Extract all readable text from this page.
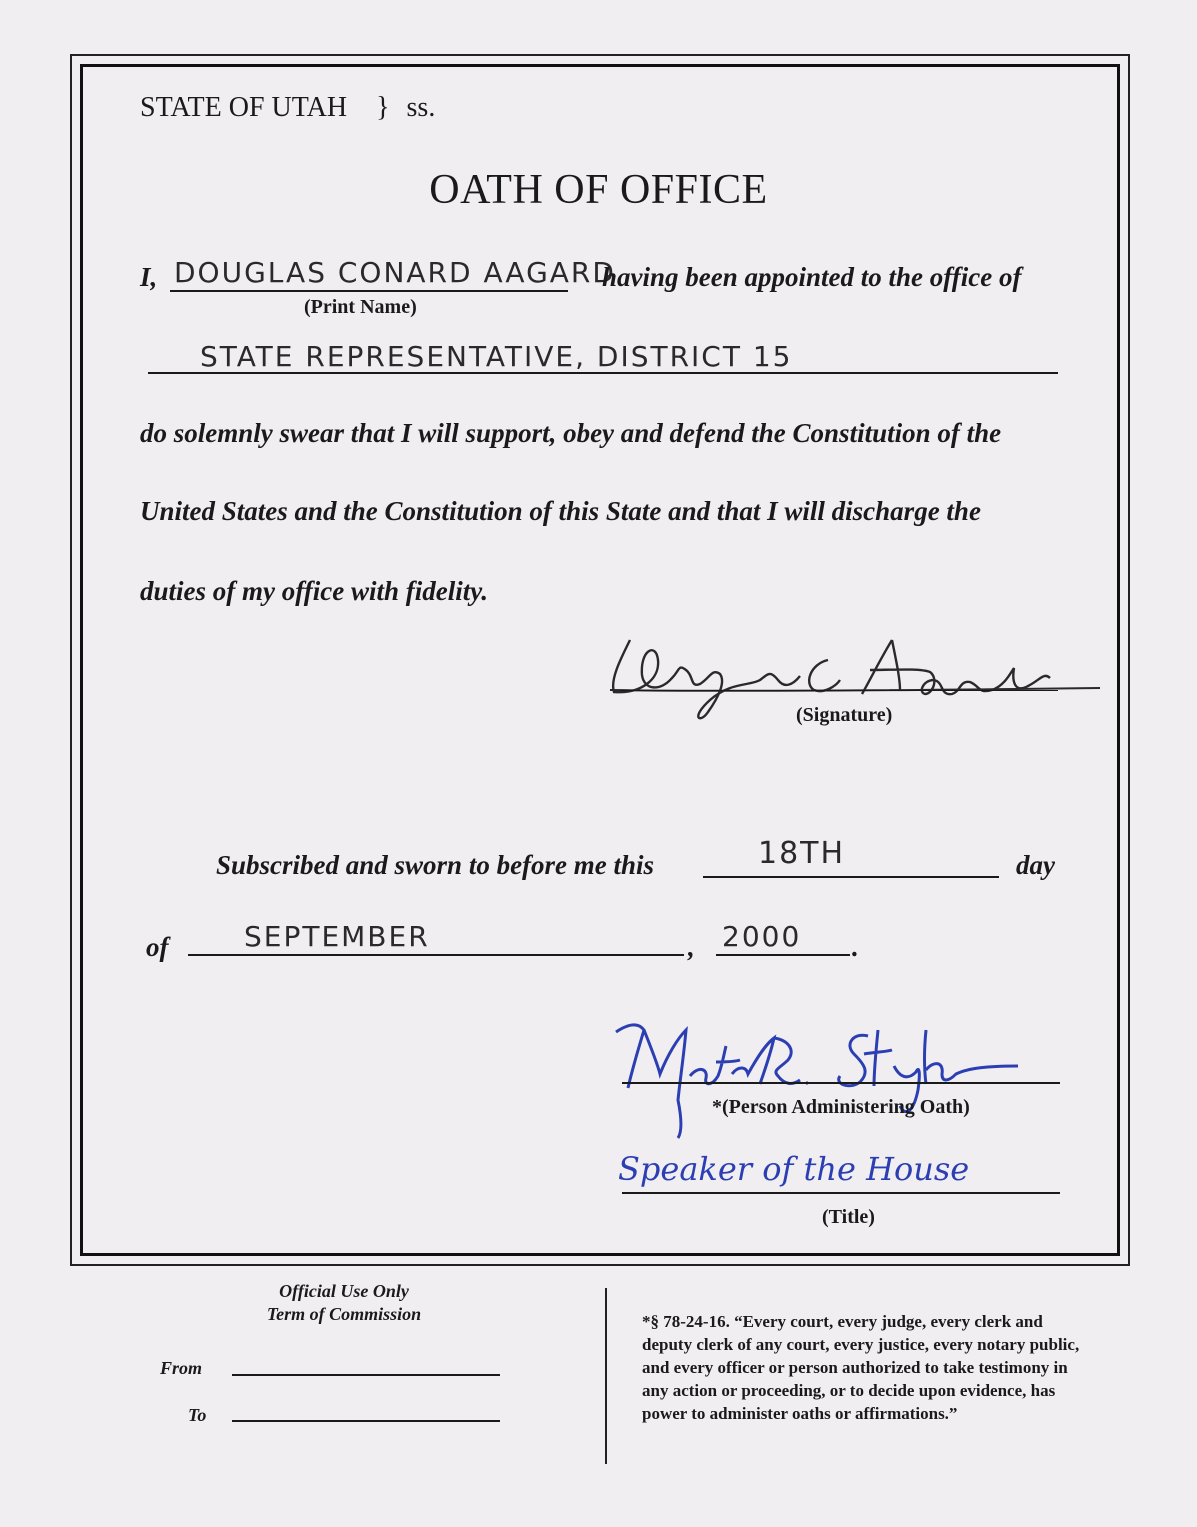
STATE OF UTAH } ss.
OATH OF OFFICE
I, DOUGLAS CONARD AAGARD
having been appointed to the office of
(Print Name)
STATE REPRESENTATIVE, DISTRICT 15
do solemnly swear that I will support, obey and defend the Constitution of the
United States and the Constitution of this State and that I will discharge the
duties of my office with fidelity.
(Signature)
Subscribed and sworn to before me this	18TH	day
of	SEPTEMBER	, 2000 .
*(Person Administering Oath)
Speaker of the House
(Title)
Official Use Only
Term of Commission
From
To
*§ 78-24-16. “Every court, every judge, every clerk and
deputy clerk of any court, every justice, every notary public,
and every officer or person authorized to take testimony in
any action or proceeding, or to decide upon evidence, has
power to administer oaths or affirmations.”
